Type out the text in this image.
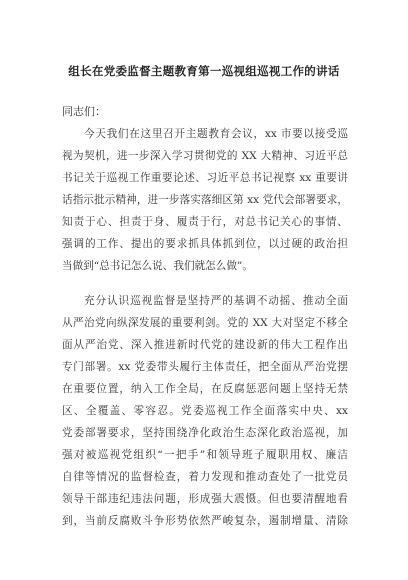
组长在党委监督主题教育第一巡视组巡视工作的讲话
同志们：
今天我们在这里召开主题教育会议，xx 市要以接受巡
视为契机，进一步深入学习贯彻党的 XX 大精神、习近平总
书记关于巡视工作重要论述、习近平总书记视察 xx 重要讲
话指示批示精神，进一步落实落细区第 xx 党代会部署要求，
知责于心、担责于身、履责于行，对总书记关心的事情、
强调的工作、提出的要求抓具体抓到位，以过硬的政治担
当做到“总书记怎么说、我们就怎么做”。
充分认识巡视监督是坚持严的基调不动摇、推动全面
从严治党向纵深发展的重要利剑。党的 XX 大对坚定不移全
面从严治党、深入推进新时代党的建设新的伟大工程作出
专门部署。xx 党委带头履行主体责任，把全面从严治党摆
在重要位置，纳入工作全局，在反腐惩恶问题上坚持无禁
区、全覆盖、零容忍。党委巡视工作全面落实中央、xx
党委部署要求，坚持围绕净化政治生态深化政治巡视，加
强对被巡视党组织“一把手”和领导班子履职用权、廉洁
自律等情况的监督检查，着力发现和推动查处了一批党员
领导干部违纪违法问题，形成强大震慑。但也要清醒地看
到，当前反腐败斗争形势依然严峻复杂，遏制增量、清除
